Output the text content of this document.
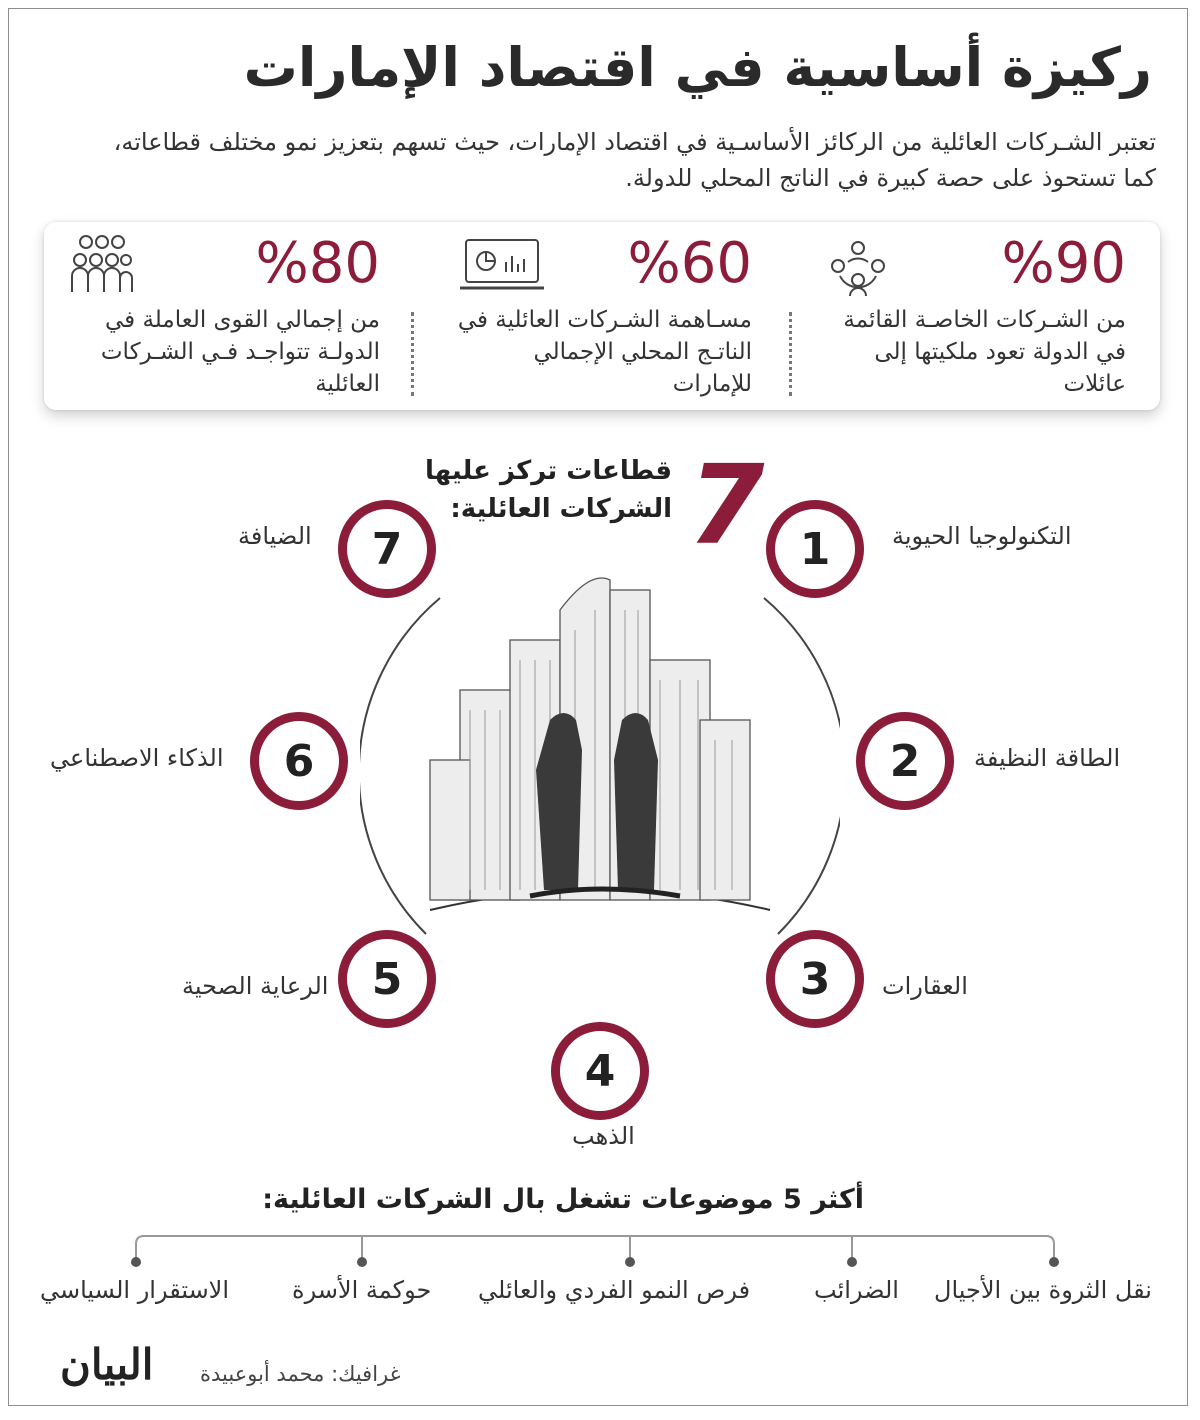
ركيزة أساسية في اقتصاد الإمارات
تعتبر الشـركات العائلية من الركائز الأساسـية في اقتصاد الإمارات، حيث تسهم بتعزيز نمو مختلف قطاعاته،
كما تستحوذ على حصة كبيرة في الناتج المحلي للدولة.
%90
من الشـركات الخاصـة القائمة في الدولة تعود ملكيتها إلى عائلات
%60
مسـاهمة الشـركات العائلية في الناتـج المحلي الإجمالي للإمارات
%80
من إجمالي القوى العاملة في الدولـة تتواجـد فـي الشـركات العائلية
7
قطاعات تركز عليها
الشركات العائلية:
1	التكنولوجيا الحيوية
2	الطاقة النظيفة
3	العقارات
4
الذهب
5
الرعاية الصحية
6
الذكاء الاصطناعي
7
الضيافة
أكثر 5 موضوعات تشغل بال الشركات العائلية:
نقل الثروة بين الأجيال
الضرائب
فرص النمو الفردي والعائلي
حوكمة الأسرة
الاستقرار السياسي
البيان غرافيك: محمد أبوعبيدة
